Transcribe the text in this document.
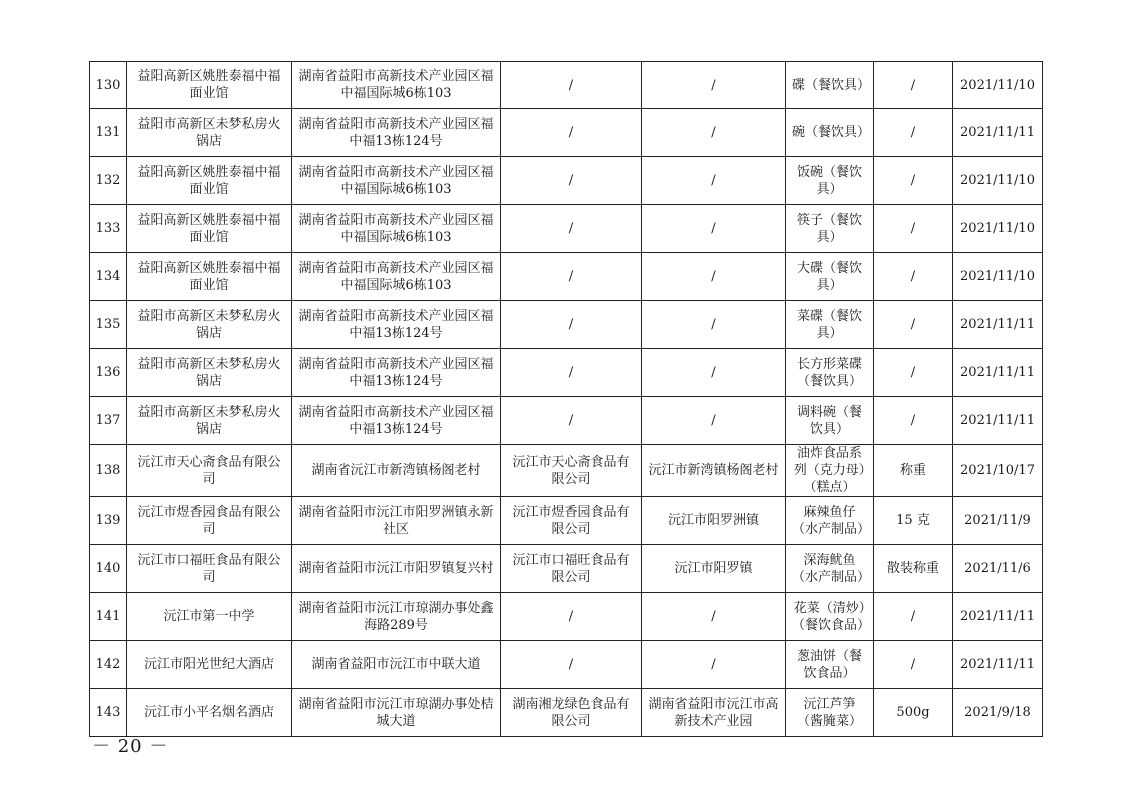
130	益阳高新区姚胜泰福中福面业馆	湖南省益阳市高新技术产业园区福中福国际城6栋103	/	/	碟（餐饮具）	/	2021/11/10
131	益阳市高新区未梦私房火锅店	湖南省益阳市高新技术产业园区福中福13栋124号	/	/	碗（餐饮具）	/	2021/11/11
132	益阳高新区姚胜泰福中福面业馆	湖南省益阳市高新技术产业园区福中福国际城6栋103	/	/	饭碗（餐饮具）	/	2021/11/10
133	益阳高新区姚胜泰福中福面业馆	湖南省益阳市高新技术产业园区福中福国际城6栋103	/	/	筷子（餐饮具）	/	2021/11/10
134	益阳高新区姚胜泰福中福面业馆	湖南省益阳市高新技术产业园区福中福国际城6栋103	/	/	大碟（餐饮具）	/	2021/11/10
135	益阳市高新区未梦私房火锅店	湖南省益阳市高新技术产业园区福中福13栋124号	/	/	菜碟（餐饮具）	/	2021/11/11
136	益阳市高新区未梦私房火锅店	湖南省益阳市高新技术产业园区福中福13栋124号	/	/	长方形菜碟（餐饮具）	/	2021/11/11
137	益阳市高新区未梦私房火锅店	湖南省益阳市高新技术产业园区福中福13栋124号	/	/	调料碗（餐饮具）	/	2021/11/11
138	沅江市天心斋食品有限公司	湖南省沅江市新湾镇杨阁老村	沅江市天心斋食品有限公司	沅江市新湾镇杨阁老村	油炸食品系列（克力母）（糕点）	称重	2021/10/17
139	沅江市煜香园食品有限公司	湖南省益阳市沅江市阳罗洲镇永新社区	沅江市煜香园食品有限公司	沅江市阳罗洲镇	麻辣鱼仔（水产制品）	15 克	2021/11/9
140	沅江市口福旺食品有限公司	湖南省益阳市沅江市阳罗镇复兴村	沅江市口福旺食品有限公司	沅江市阳罗镇	深海鱿鱼（水产制品）	散装称重	2021/11/6
141	沅江市第一中学	湖南省益阳市沅江市琼湖办事处鑫海路289号	/	/	花菜（清炒）（餐饮食品）	/	2021/11/11
142	沅江市阳光世纪大酒店	湖南省益阳市沅江市中联大道	/	/	葱油饼（餐饮食品）	/	2021/11/11
143	沅江市小平名烟名酒店	湖南省益阳市沅江市琼湖办事处桔城大道	湖南湘龙绿色食品有限公司	湖南省益阳市沅江市高新技术产业园	沅江芦笋（酱腌菜）	500g	2021/9/18
－ 20 －
